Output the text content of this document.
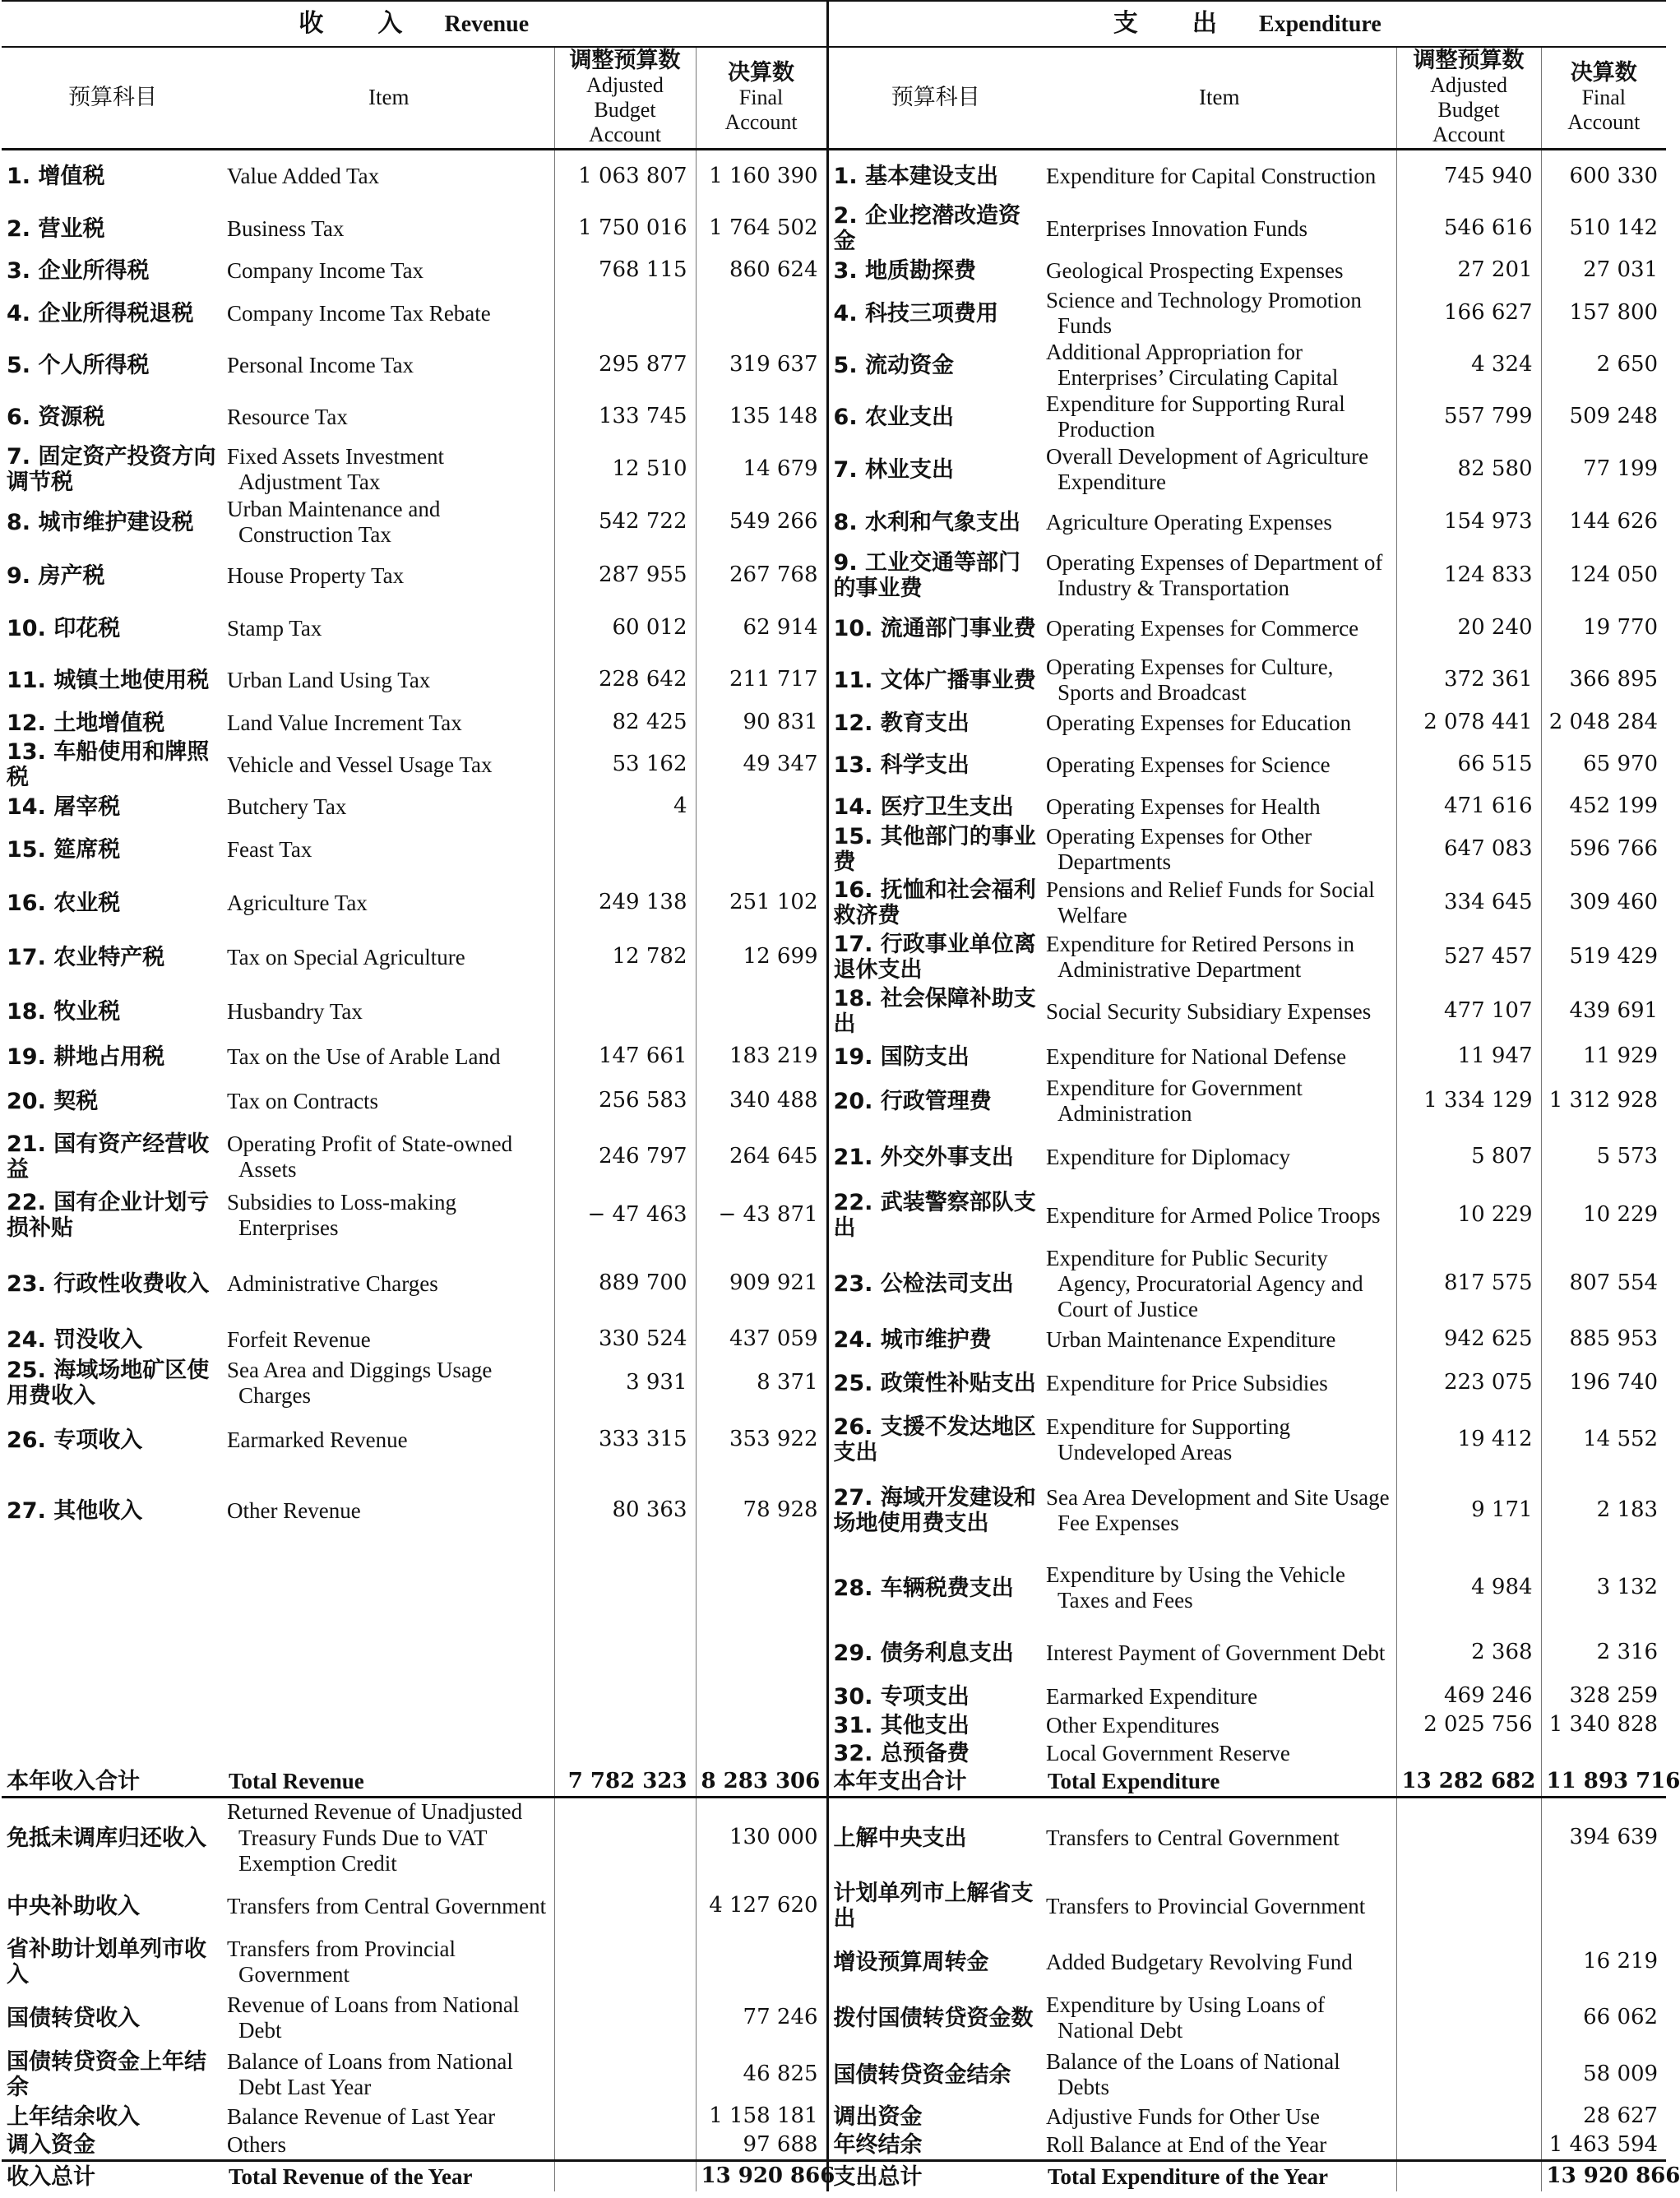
收　　入 Revenue				支　　出 Expenditure			
预算科目	Item	调整预算数
Adjusted Budget
Account	决算数
Final
Account	预算科目	Item	调整预算数
Adjusted Budget
Account	决算数
Final
Account

1. 增值税	Value Added Tax	1 063 807	1 160 390	1. 基本建设支出	Expenditure for Capital Construction	745 940	600 330
2. 营业税	Business Tax	1 750 016	1 764 502	2. 企业挖潜改造资金	Enterprises Innovation Funds	546 616	510 142
3. 企业所得税	Company Income Tax	768 115	860 624	3. 地质勘探费	Geological Prospecting Expenses	27 201	27 031
4. 企业所得税退税	Company Income Tax Rebate			4. 科技三项费用	Science and Technology Promotion Funds	166 627	157 800
5. 个人所得税	Personal Income Tax	295 877	319 637	5. 流动资金	Additional Appropriation for Enterprises’ Circulating Capital	4 324	2 650
6. 资源税	Resource Tax	133 745	135 148	6. 农业支出	Expenditure for Supporting Rural Production	557 799	509 248
7. 固定资产投资方向调节税	Fixed Assets Investment Adjustment Tax	12 510	14 679	7. 林业支出	Overall Development of Agriculture Expenditure	82 580	77 199
8. 城市维护建设税	Urban Maintenance and Construction Tax	542 722	549 266	8. 水利和气象支出	Agriculture Operating Expenses	154 973	144 626
9. 房产税	House Property Tax	287 955	267 768	9. 工业交通等部门的事业费	Operating Expenses of Department of Industry & Transportation	124 833	124 050
10. 印花税	Stamp Tax	60 012	62 914	10. 流通部门事业费	Operating Expenses for Commerce	20 240	19 770
11. 城镇土地使用税	Urban Land Using Tax	228 642	211 717	11. 文体广播事业费	Operating Expenses for Culture, Sports and Broadcast	372 361	366 895
12. 土地增值税	Land Value Increment Tax	82 425	90 831	12. 教育支出	Operating Expenses for Education	2 078 441	2 048 284
13. 车船使用和牌照税	Vehicle and Vessel Usage Tax	53 162	49 347	13. 科学支出	Operating Expenses for Science	66 515	65 970
14. 屠宰税	Butchery Tax	4		14. 医疗卫生支出	Operating Expenses for Health	471 616	452 199
15. 筵席税	Feast Tax			15. 其他部门的事业费	Operating Expenses for Other Departments	647 083	596 766
16. 农业税	Agriculture Tax	249 138	251 102	16. 抚恤和社会福利救济费	Pensions and Relief Funds for Social Welfare	334 645	309 460
17. 农业特产税	Tax on Special Agriculture	12 782	12 699	17. 行政事业单位离退休支出	Expenditure for Retired Persons in Administrative Department	527 457	519 429
18. 牧业税	Husbandry Tax			18. 社会保障补助支出	Social Security Subsidiary Expenses	477 107	439 691
19. 耕地占用税	Tax on the Use of Arable Land	147 661	183 219	19. 国防支出	Expenditure for National Defense	11 947	11 929
20. 契税	Tax on Contracts	256 583	340 488	20. 行政管理费	Expenditure for Government Administration	1 334 129	1 312 928
21. 国有资产经营收益	Operating Profit of State-owned Assets	246 797	264 645	21. 外交外事支出	Expenditure for Diplomacy	5 807	5 573
22. 国有企业计划亏损补贴	Subsidies to Loss-making Enterprises	− 47 463	− 43 871	22. 武装警察部队支出	Expenditure for Armed Police Troops	10 229	10 229
23. 行政性收费收入	Administrative Charges	889 700	909 921	23. 公检法司支出	Expenditure for Public Security Agency, Procuratorial Agency and Court of Justice	817 575	807 554
24. 罚没收入	Forfeit Revenue	330 524	437 059	24. 城市维护费	Urban Maintenance Expenditure	942 625	885 953
25. 海域场地矿区使用费收入	Sea Area and Diggings Usage Charges	3 931	8 371	25. 政策性补贴支出	Expenditure for Price Subsidies	223 075	196 740
26. 专项收入	Earmarked Revenue	333 315	353 922	26. 支援不发达地区支出	Expenditure for Supporting Undeveloped Areas	19 412	14 552
27. 其他收入	Other Revenue	80 363	78 928	27. 海域开发建设和场地使用费支出	Sea Area Development and Site Usage Fee Expenses	9 171	2 183
				28. 车辆税费支出	Expenditure by Using the Vehicle Taxes and Fees	4 984	3 132
				29. 债务利息支出	Interest Payment of Government Debt	2 368	2 316
				30. 专项支出	Earmarked Expenditure	469 246	328 259
				31. 其他支出	Other Expenditures	2 025 756	1 340 828
				32. 总预备费	Local Government Reserve		
本年收入合计	Total Revenue	7 782 323	8 283 306	本年支出合计	Total Expenditure	13 282 682	11 893 716
免抵未调库归还收入	Returned Revenue of Unadjusted Treasury Funds Due to VAT Exemption Credit		130 000	上解中央支出	Transfers to Central Government		394 639
中央补助收入	Transfers from Central Government		4 127 620	计划单列市上解省支出	Transfers to Provincial Government		
省补助计划单列市收入	Transfers from Provincial Government			增设预算周转金	Added Budgetary Revolving Fund		16 219
国债转贷收入	Revenue of Loans from National Debt		77 246	拨付国债转贷资金数	Expenditure by Using Loans of National Debt		66 062
国债转贷资金上年结余	Balance of Loans from National Debt Last Year		46 825	国债转贷资金结余	Balance of the Loans of National Debts		58 009
上年结余收入	Balance Revenue of Last Year		1 158 181	调出资金	Adjustive Funds for Other Use		28 627
调入资金	Others		97 688	年终结余	Roll Balance at End of the Year		1 463 594
收入总计	Total Revenue of the Year		13 920 866	支出总计	Total Expenditure of the Year		13 920 866
